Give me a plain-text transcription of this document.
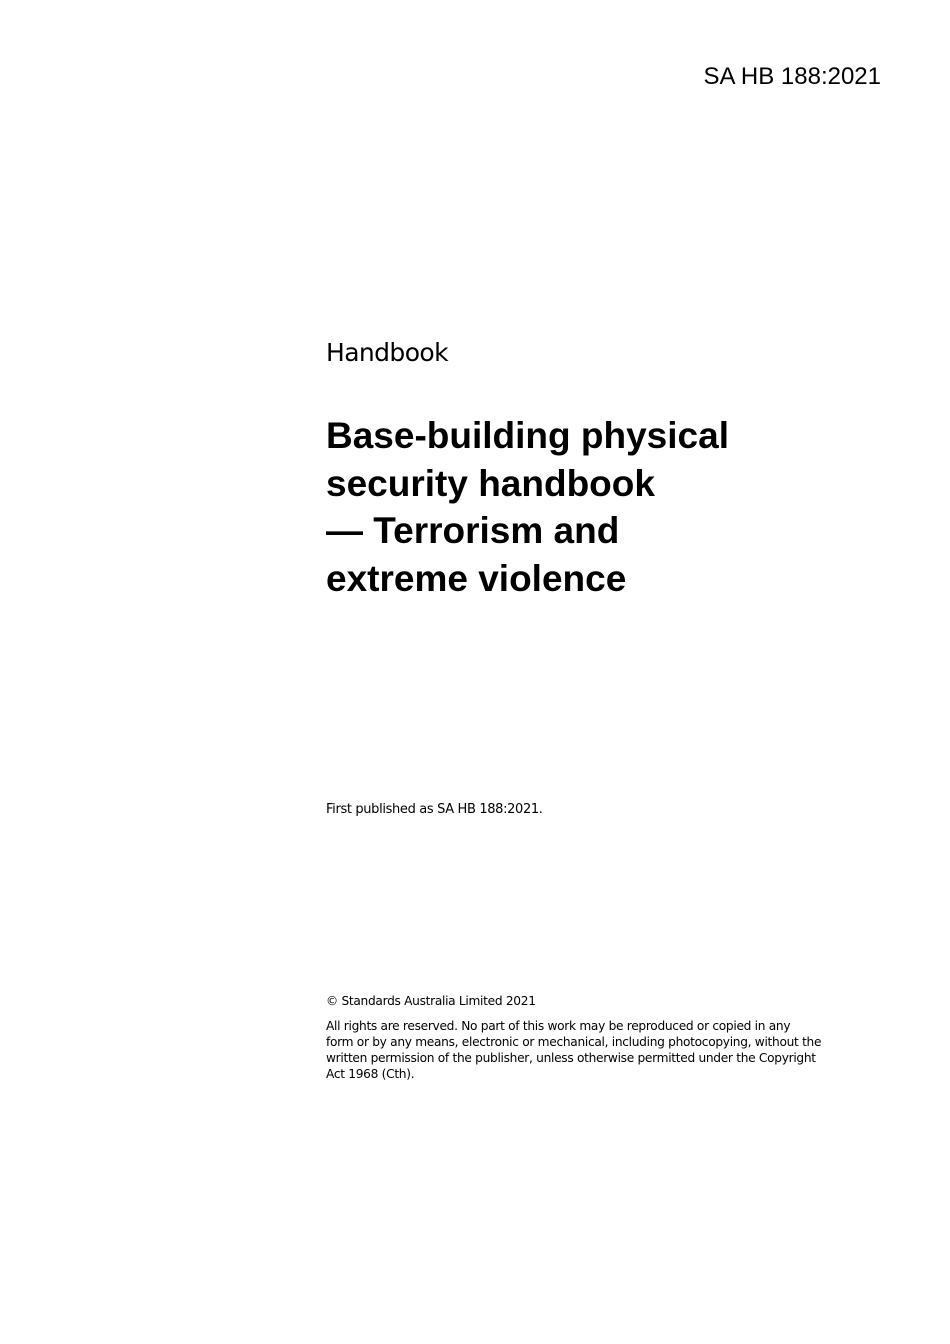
SA HB 188:2021
Handbook
Base-building physical
security handbook
— Terrorism and
extreme violence
First published as SA HB 188:2021.
© Standards Australia Limited 2021
All rights are reserved. No part of this work may be reproduced or copied in any
form or by any means, electronic or mechanical, including photocopying, without the
written permission of the publisher, unless otherwise permitted under the Copyright
Act 1968 (Cth).
